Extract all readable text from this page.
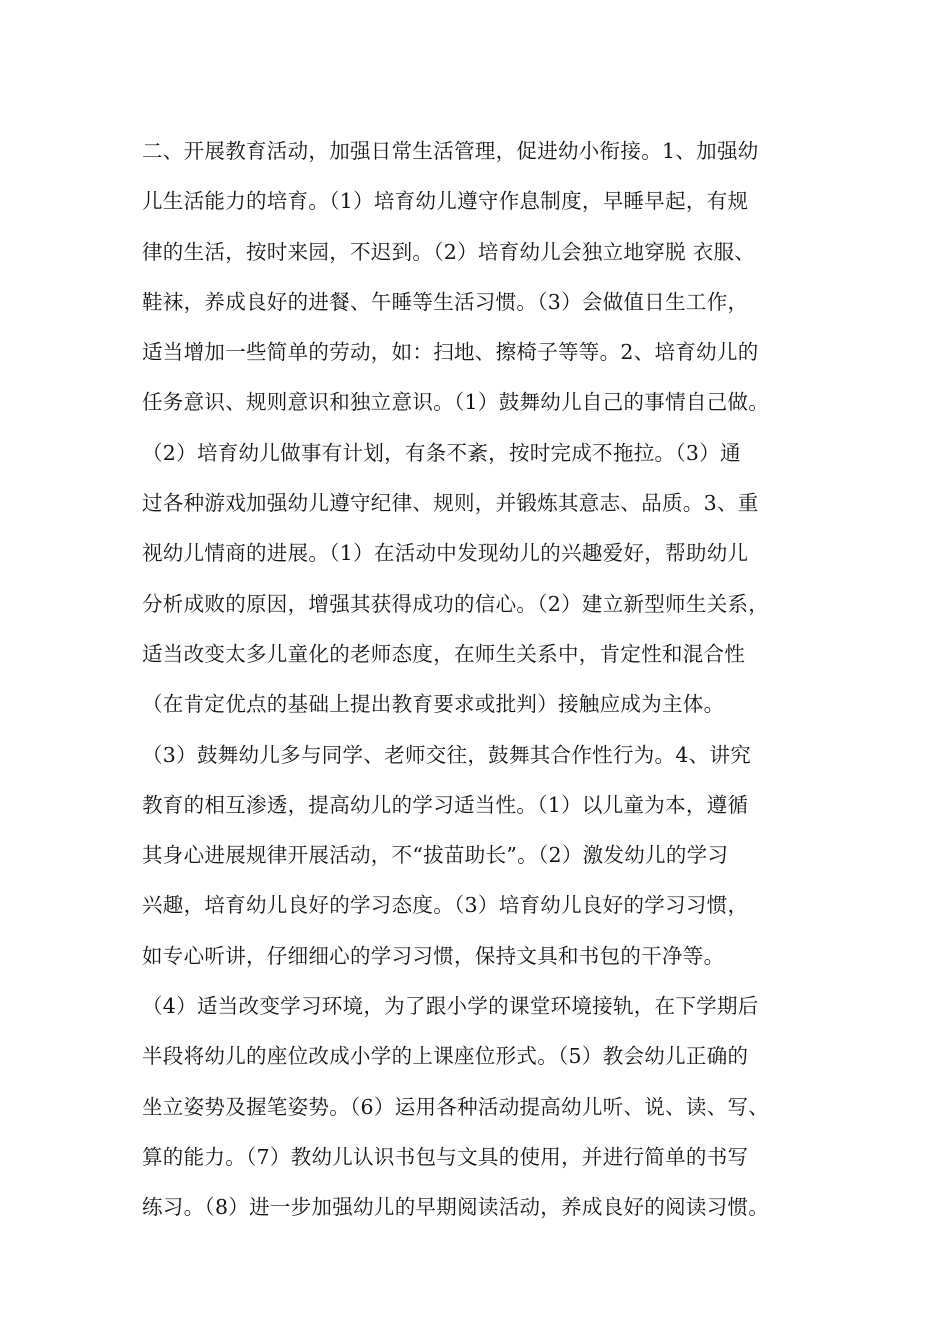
二、开展教育活动，加强日常生活管理，促进幼小衔接。1、加强幼
儿生活能力的培育。（1）培育幼儿遵守作息制度，早睡早起，有规
律的生活，按时来园，不迟到。（2）培育幼儿会独立地穿脱 衣服、
鞋袜，养成良好的进餐、午睡等生活习惯。（3）会做值日生工作，
适当增加一些简单的劳动，如：扫地、擦椅子等等。2、培育幼儿的
任务意识、规则意识和独立意识。（1）鼓舞幼儿自己的事情自己做。
（2）培育幼儿做事有计划，有条不紊，按时完成不拖拉。（3）通
过各种游戏加强幼儿遵守纪律、规则，并锻炼其意志、品质。3、重
视幼儿情商的进展。（1）在活动中发现幼儿的兴趣爱好，帮助幼儿
分析成败的原因，增强其获得成功的信心。（2）建立新型师生关系，
适当改变太多儿童化的老师态度，在师生关系中，肯定性和混合性
（在肯定优点的基础上提出教育要求或批判）接触应成为主体。
（3）鼓舞幼儿多与同学、老师交往，鼓舞其合作性行为。4、讲究
教育的相互渗透，提高幼儿的学习适当性。（1）以儿童为本，遵循
其身心进展规律开展活动，不“拔苗助长”。（2）激发幼儿的学习
兴趣，培育幼儿良好的学习态度。（3）培育幼儿良好的学习习惯，
如专心听讲，仔细细心的学习习惯，保持文具和书包的干净等。
（4）适当改变学习环境，为了跟小学的课堂环境接轨，在下学期后
半段将幼儿的座位改成小学的上课座位形式。（5）教会幼儿正确的
坐立姿势及握笔姿势。（6）运用各种活动提高幼儿听、说、读、写、
算的能力。（7）教幼儿认识书包与文具的使用，并进行简单的书写
练习。（8）进一步加强幼儿的早期阅读活动，养成良好的阅读习惯。
